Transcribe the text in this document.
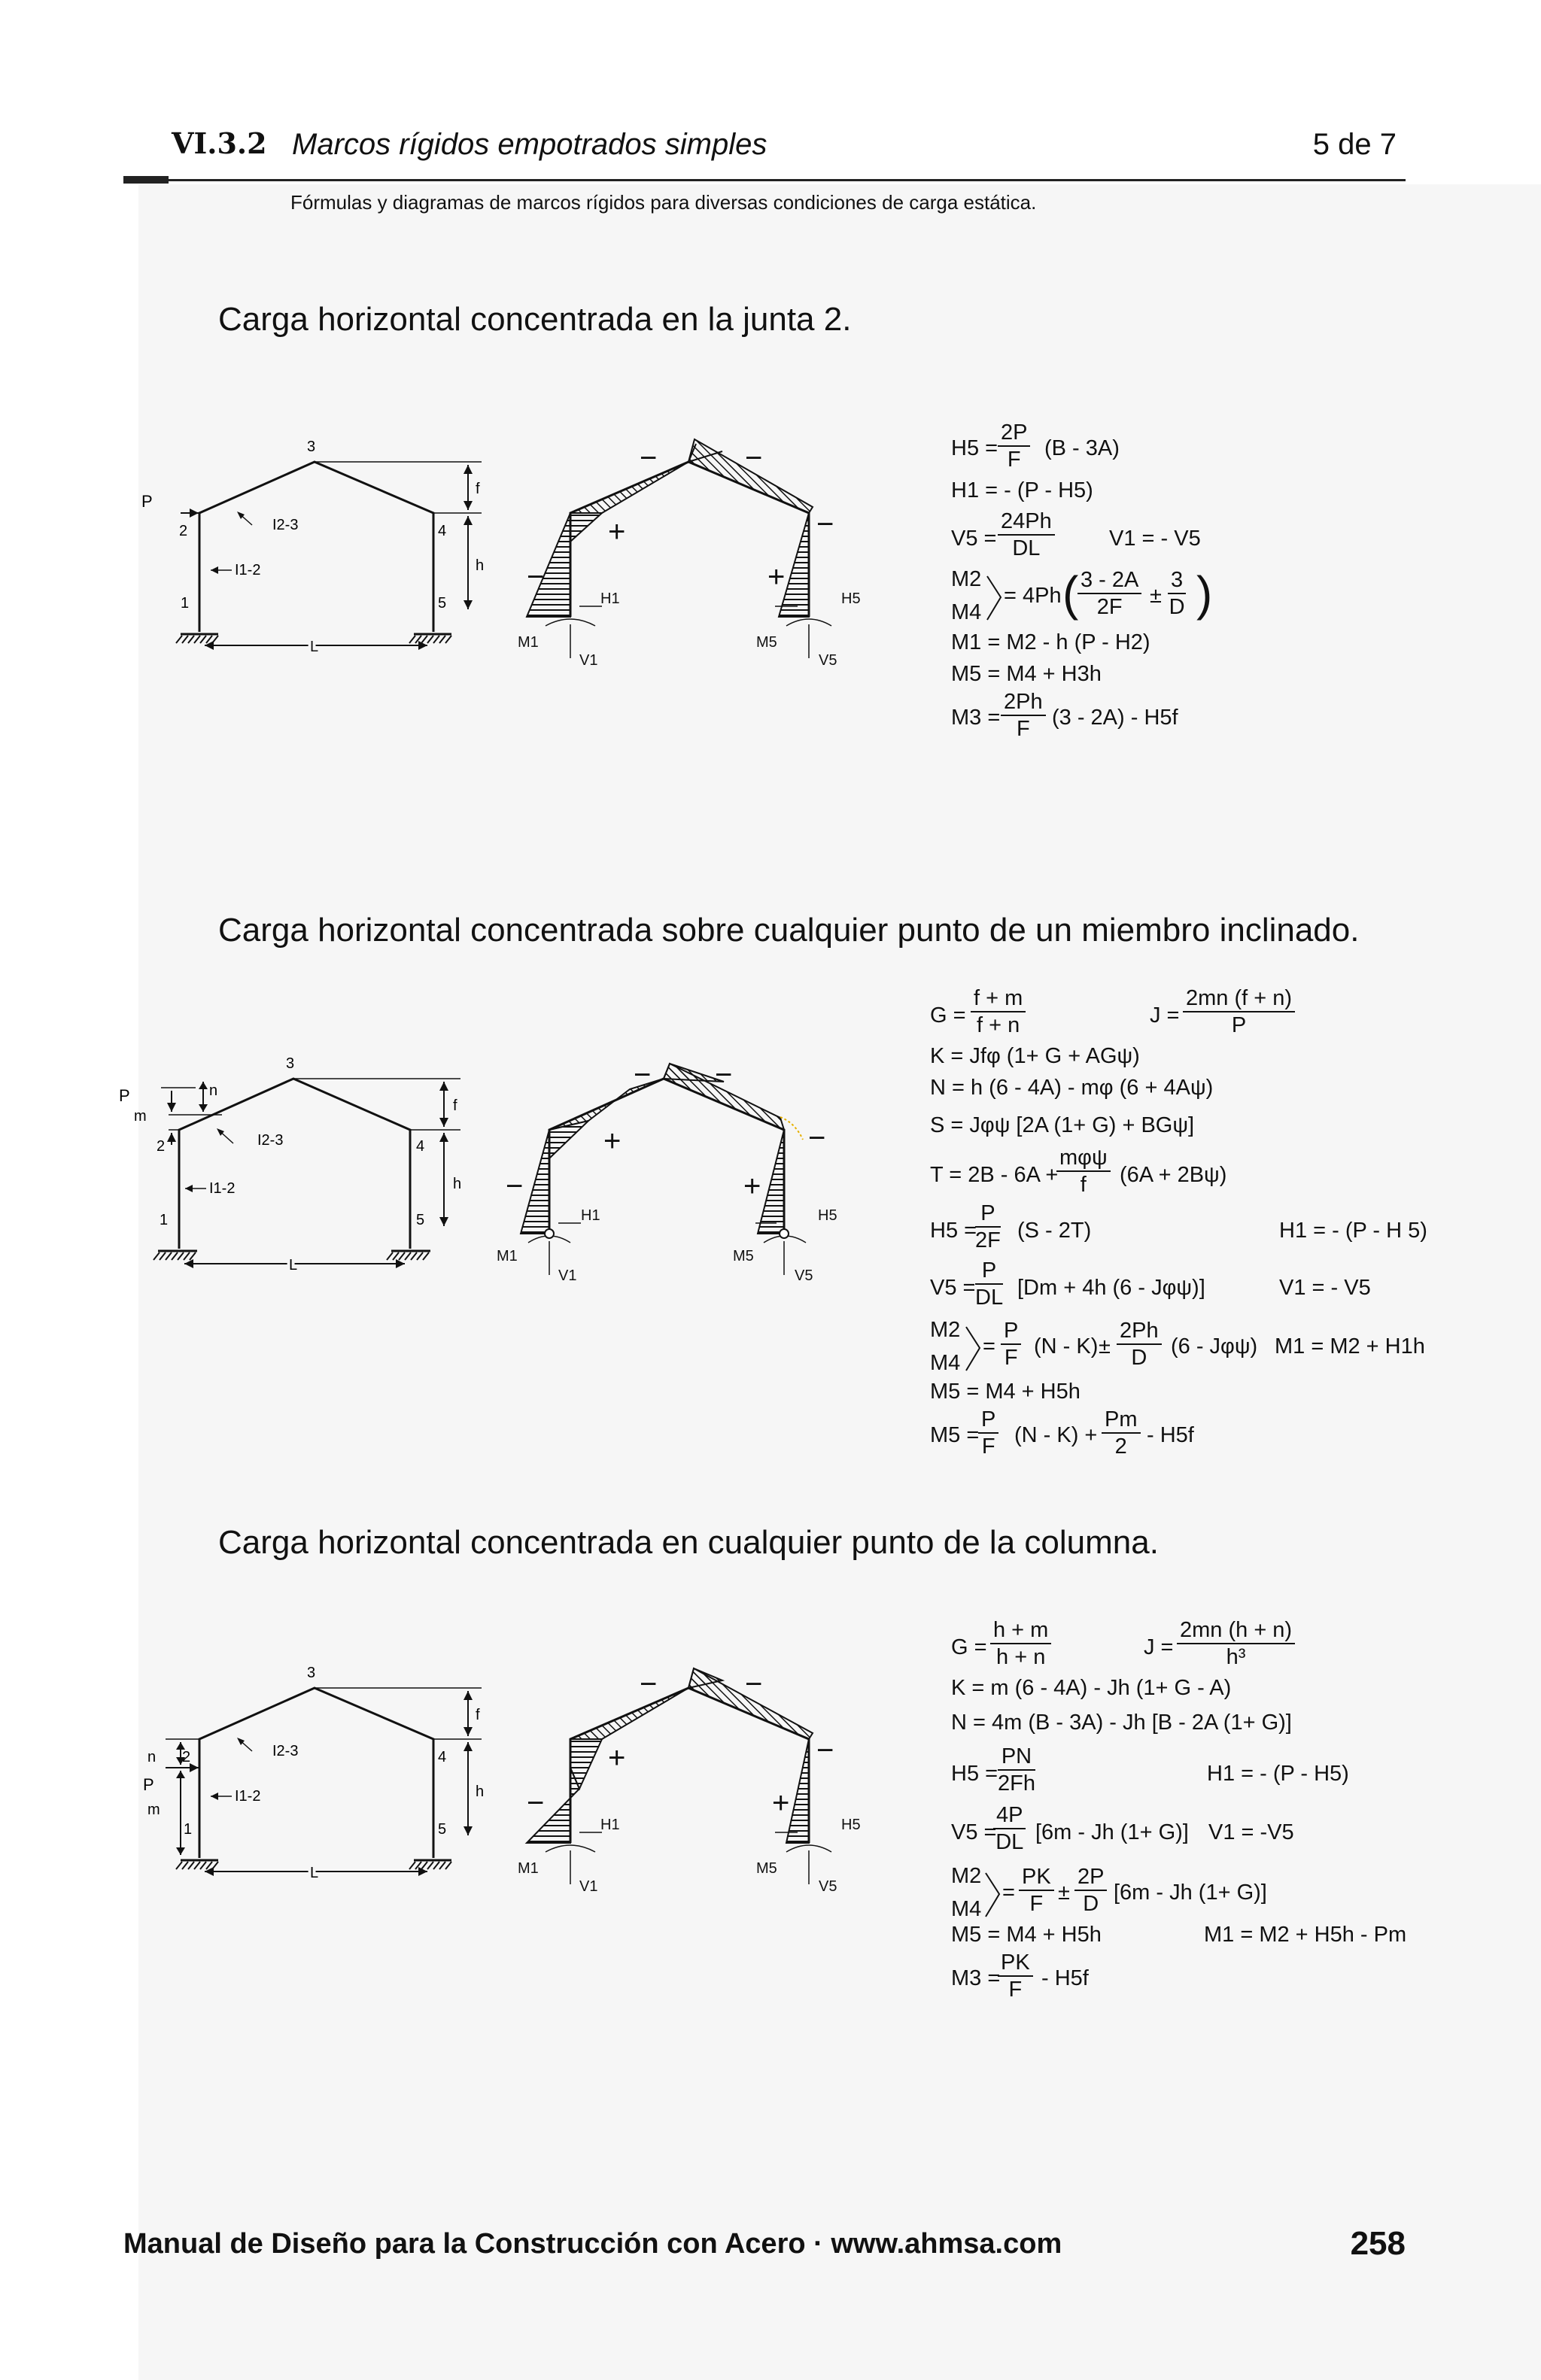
VI.3.2 Marcos rígidos empotrados simples	5 de 7
Fórmulas y diagramas de marcos rígidos para diversas condiciones de carga estática.
Carga horizontal concentrada en la junta 2.
3
P
2	4
1	5
f
h
L
I1-2
I2-3
−	−
+	−
−	+
H1	H5
M1	M5
V1	V5
$H5 = \frac{2P}{F} (B - 3A)$
H1 = - (P - H5)
$V5 = \frac{24Ph}{DL} V1$ = - V5
M2
M4
= 4Ph (
$\frac{3 - 2A}{2F} \pm \frac{3}{D}$ )
M1 = M2 - h (P - H2)
M5 = M4 + H3h
$M3 = \frac{2Ph}{F} (3 - 2A) - H5f$
Carga horizontal concentrada sobre cualquier punto de un miembro inclinado.
3
P
m
n
2	4
1	5
f
h
L
I1-2
I2-3
− −
+	−
−	+
H1	H5
M1	M5
V1	V5
$G = \frac{f + m}{f + n}$	$J = \frac{2mn (f + n)}{P}$
K = Jfφ (1+ G + AGψ)
N = h (6 - 4A) - mφ (6 + 4Aψ)
S = Jφψ [2A (1+ G) + BGψ]
T = 2B - 6A +
mφψ
f	(6A + 2Bψ)
H5 =
$\frac{P}{2F} (S - 2T)$	H1 = - (P - H 5)
$V5 = \frac{P}{DL} [Dm + 4h$ (6 - Jφψ)]	V1 = - V5
M2
M4
= $\frac{P}{F} (N - K) \pm \frac{2Ph}{D} (6 - J\varphi\psi) M1 = M2 + H1h$
M5 = M4 + H5h
M5 =
$\frac{P}{F} (N - K) + \frac{Pm}{2} - H5f$
Carga horizontal concentrada en cualquier punto de la columna.
3
n
P
m
2	4
1	5
f
h
L
I1-2
I2-3
−	−
+	−
−	+
H1	H5
M1	M5
V1	V5
$G = \frac{h + m}{h + n}$	$J = \frac{2mn (h + n)}{\text{h³}}$
K = m (6 - 4A) - Jh (1+ G - A)
N = 4m (B - 3A) - Jh [B - 2A (1+ G)]
$H5 = \frac{PN}{2Fh}$	H1 = - (P - H5)
V5 =
$\frac{4P}{DL} [6m$ - Jh (1+ G)] V1 = -V5
M2
M4
= $\frac{PK}{F} \pm \frac{2P}{D} [6m - Jh$ (1+ G)]
M5 = M4 + H5h	M1 = M2 + H5h - Pm
M3 =
$\frac{PK}{F} - H5f$
Manual de Diseño para la Construcción con Acero · www.ahmsa.com	258
